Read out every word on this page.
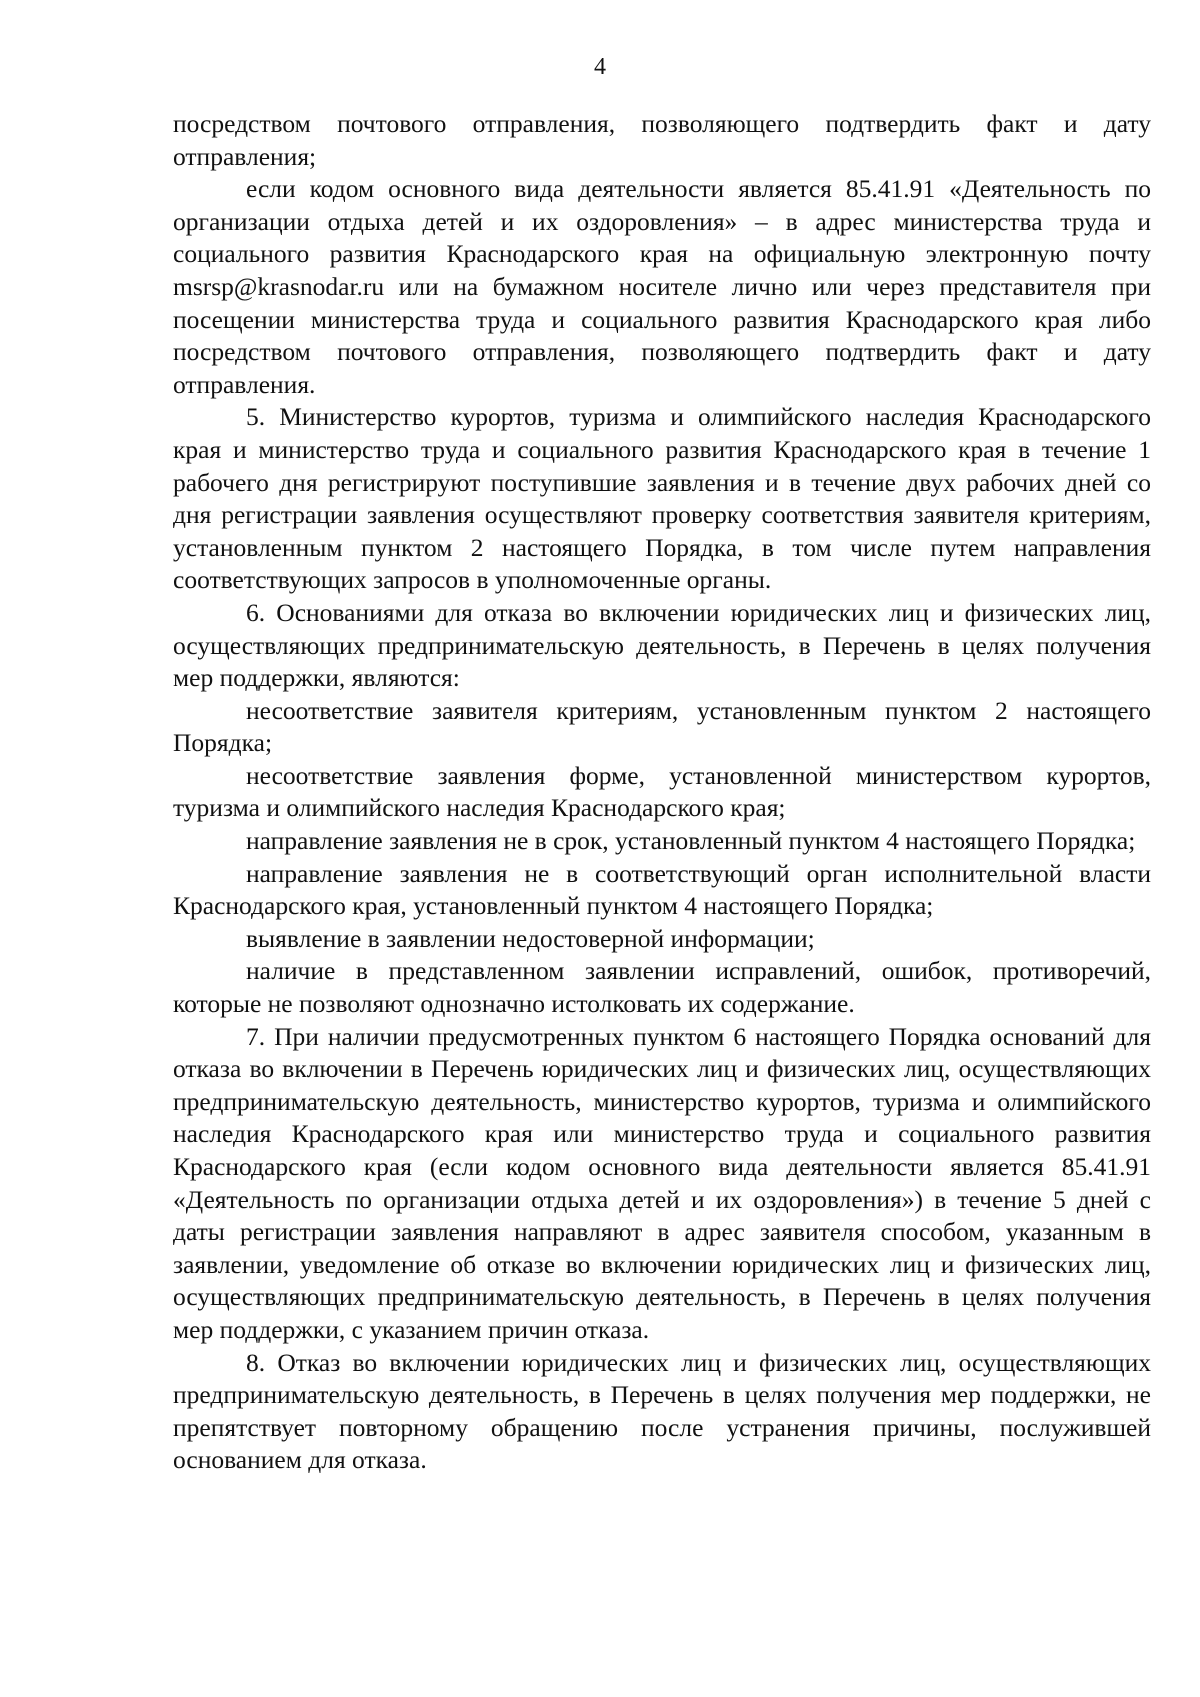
4

посредством почтового отправления, позволяющего подтвердить факт и дату отправления;

если кодом основного вида деятельности является 85.41.91 «Деятельность по организации отдыха детей и их оздоровления» – в адрес министерства труда и социального развития Краснодарского края на официальную электронную почту msrsp@krasnodar.ru или на бумажном носителе лично или через представителя при посещении министерства труда и социального развития Краснодарского края либо посредством почтового отправления, позволяющего подтвердить факт и дату отправления.

5. Министерство курортов, туризма и олимпийского наследия Краснодарского края и министерство труда и социального развития Краснодарского края в течение 1 рабочего дня регистрируют поступившие заявления и в течение двух рабочих дней со дня регистрации заявления осуществляют проверку соответствия заявителя критериям, установленным пунктом 2 настоящего Порядка, в том числе путем направления соответствующих запросов в уполномоченные органы.

6. Основаниями для отказа во включении юридических лиц и физических лиц, осуществляющих предпринимательскую деятельность, в Перечень в целях получения мер поддержки, являются:

несоответствие заявителя критериям, установленным пунктом 2 настоящего Порядка;

несоответствие заявления форме, установленной министерством курортов, туризма и олимпийского наследия Краснодарского края;

направление заявления не в срок, установленный пунктом 4 настоящего Порядка;

направление заявления не в соответствующий орган исполнительной власти Краснодарского края, установленный пунктом 4 настоящего Порядка;

выявление в заявлении недостоверной информации;

наличие в представленном заявлении исправлений, ошибок, противоречий, которые не позволяют однозначно истолковать их содержание.

7. При наличии предусмотренных пунктом 6 настоящего Порядка оснований для отказа во включении в Перечень юридических лиц и физических лиц, осуществляющих предпринимательскую деятельность, министерство курортов, туризма и олимпийского наследия Краснодарского края или министерство труда и социального развития Краснодарского края (если кодом основного вида деятельности является 85.41.91 «Деятельность по организации отдыха детей и их оздоровления») в течение 5 дней с даты регистрации заявления направляют в адрес заявителя способом, указанным в заявлении, уведомление об отказе во включении юридических лиц и физических лиц, осуществляющих предпринимательскую деятельность, в Перечень в целях получения мер поддержки, с указанием причин отказа.

8. Отказ во включении юридических лиц и физических лиц, осуществляющих предпринимательскую деятельность, в Перечень в целях получения мер поддержки, не препятствует повторному обращению после устранения причины, послужившей основанием для отказа.
